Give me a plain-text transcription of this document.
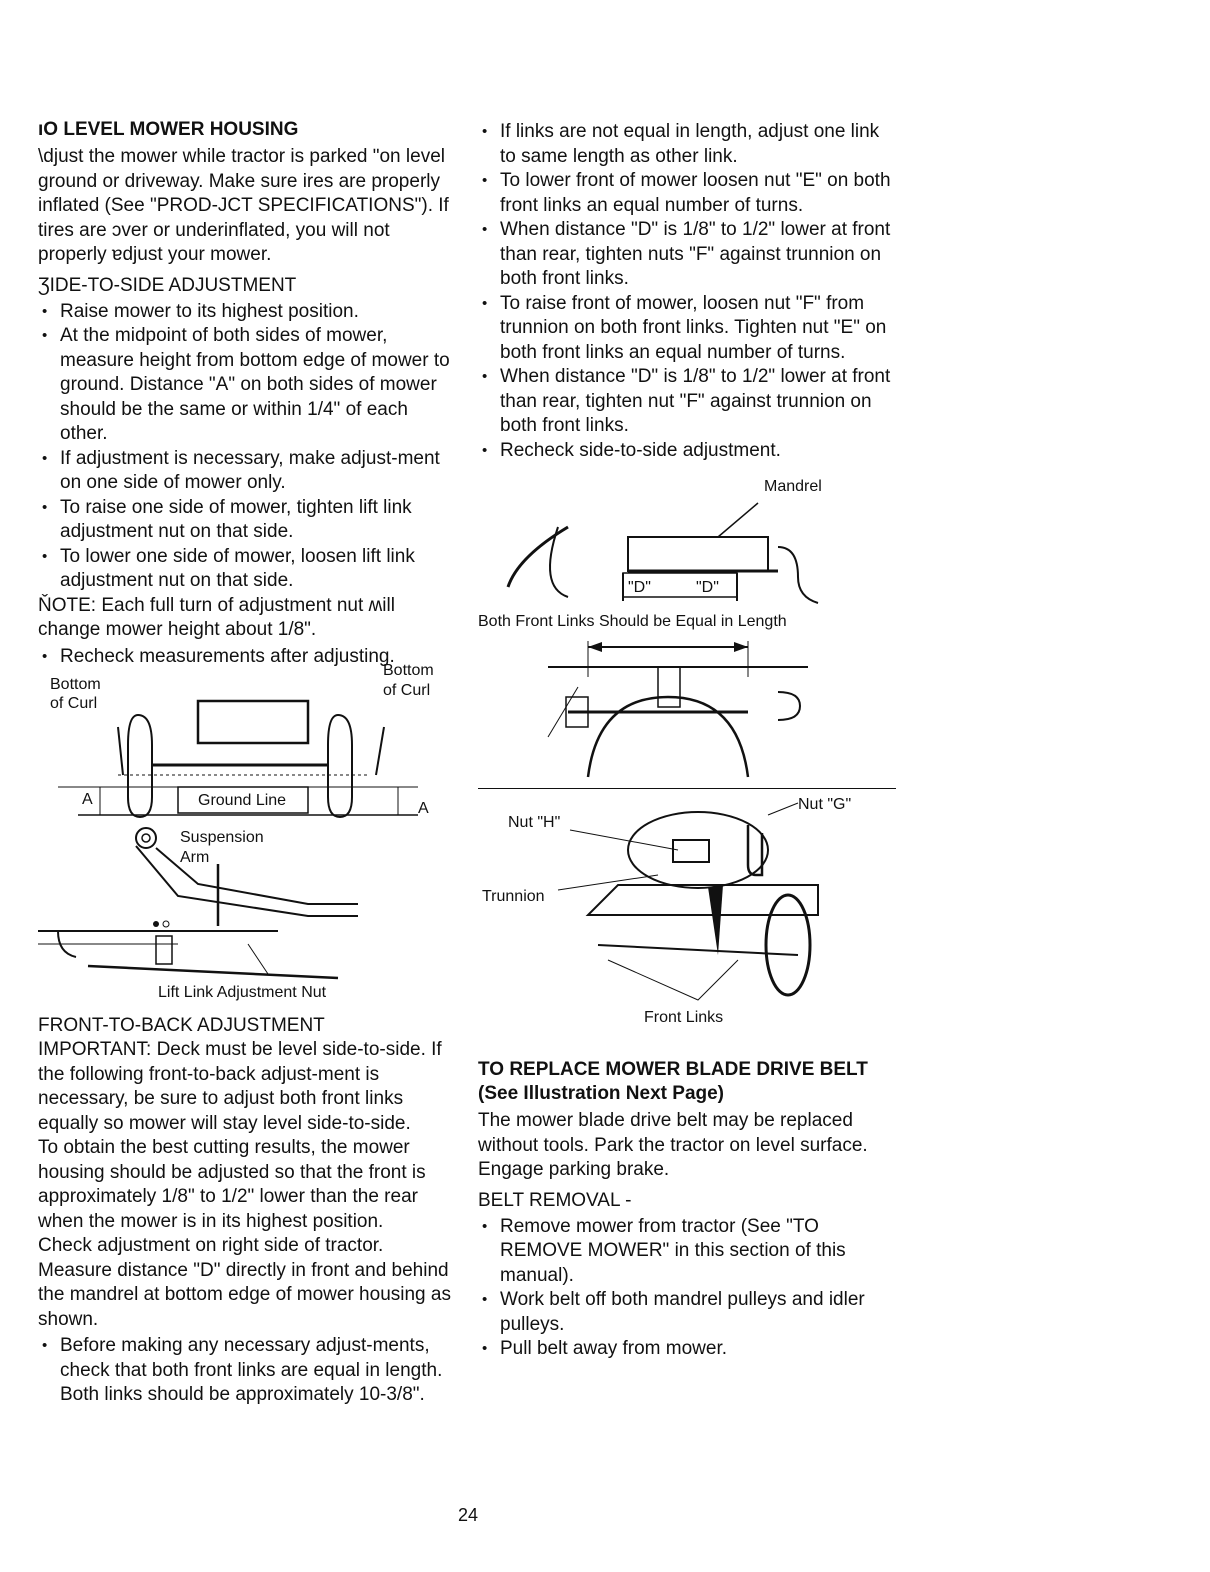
ıO LEVEL MOWER HOUSING

\djust the mower while tractor is parked ʺon level ground or driveway. Make sure ires are properly inflated (See "PROD-JCT SPECIFICATIONS"). If tires are ɔver or underinflated, you will not properly ɐdjust your mower.

ƷIDE-TO-SIDE ADJUSTMENT
• Raise mower to its highest position.
• At the midpoint of both sides of mower, measure height from bottom edge of mower to ground. Distance "A" on both sides of mower should be the same or within 1/4" of each other.
• If adjustment is necessary, make adjust-ment on one side of mower only.
• To raise one side of mower, tighten lift link adjustment nut on that side.
• To lower one side of mower, loosen lift link adjustment nut on that side.

ŇOTE: Each full turn of adjustment nut ʍill change mower height about 1/8".

• Recheck measurements after adjusting.
Bottom
of Curl
Bottom
of Curl
A
A
Ground Line
Suspension
Arm
Lift Link Adjustment Nut
FRONT-TO-BACK ADJUSTMENT

IMPORTANT: Deck must be level side-to-side. If the following front-to-back adjust-ment is necessary, be sure to adjust both front links equally so mower will stay level side-to-side.

To obtain the best cutting results, the mower housing should be adjusted so that the front is approximately 1/8" to 1/2" lower than the rear when the mower is in its highest position.

Check adjustment on right side of tractor. Measure distance "D" directly in front and behind the mandrel at bottom edge of mower housing as shown.

• Before making any necessary adjust-ments, check that both front links are equal in length. Both links should be approximately 10-3/8".
• If links are not equal in length, adjust one link to same length as other link.
• To lower front of mower loosen nut "E" on both front links an equal number of turns.
• When distance "D" is 1/8" to 1/2" lower at front than rear, tighten nuts "F" against trunnion on both front links.
• To raise front of mower, loosen nut "F" from trunnion on both front links. Tighten nut "E" on both front links an equal number of turns.
• When distance "D" is 1/8" to 1/2" lower at front than rear, tighten nut "F" against trunnion on both front links.
• Recheck side-to-side adjustment.
Mandrel
"D"	"D"
Both Front Links Should be Equal in Length
Nut "H"
Nut "G"
Trunnion
Front Links
TO REPLACE MOWER BLADE DRIVE BELT (See Illustration Next Page)

The mower blade drive belt may be replaced without tools. Park the tractor on level surface. Engage parking brake.

BELT REMOVAL -
• Remove mower from tractor (See "TO REMOVE MOWER" in this section of this manual).
• Work belt off both mandrel pulleys and idler pulleys.
• Pull belt away from mower.
24
